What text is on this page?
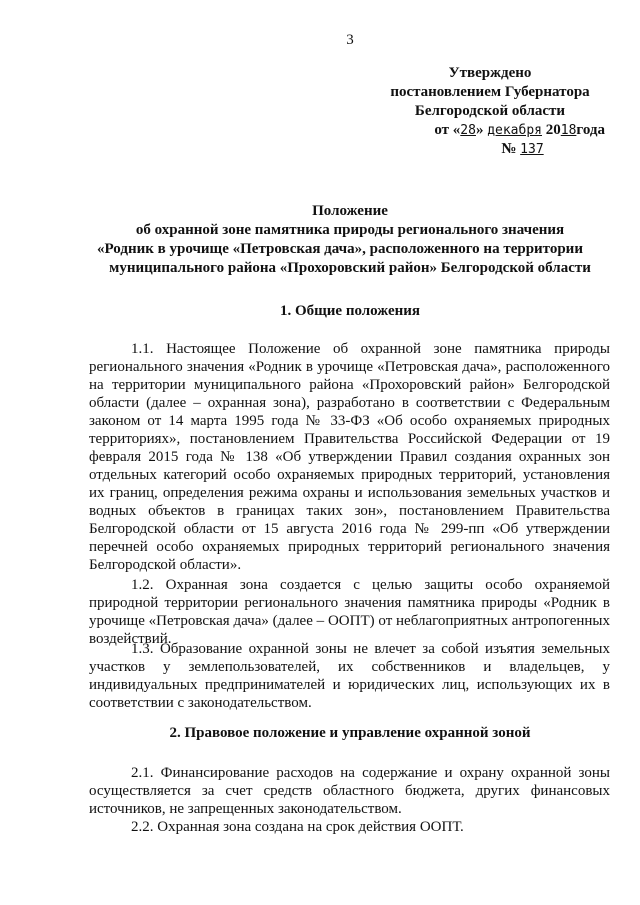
3
Утверждено
постановлением Губернатора
Белгородской области
от «28» декабря 2018года
№ 137
Положение
об охранной зоне памятника природы регионального значения
«Родник в урочище «Петровская дача», расположенного на территории
муниципального района «Прохоровский район» Белгородской области
1. Общие положения
1.1. Настоящее Положение об охранной зоне памятника природы регионального значения «Родник в урочище «Петровская дача», расположенного на территории муниципального района «Прохоровский район» Белгородской области (далее – охранная зона), разработано в соответствии с Федеральным законом от 14 марта 1995 года № 33-ФЗ «Об особо охраняемых природных территориях», постановлением Правительства Российской Федерации от 19 февраля 2015 года № 138 «Об утверждении Правил создания охранных зон отдельных категорий особо охраняемых природных территорий, установления их границ, определения режима охраны и использования земельных участков и водных объектов в границах таких зон», постановлением Правительства Белгородской области от 15 августа 2016 года № 299-пп «Об утверждении перечней особо охраняемых природных территорий регионального значения Белгородской области».
1.2. Охранная зона создается с целью защиты особо охраняемой природной территории регионального значения памятника природы «Родник в урочище «Петровская дача» (далее – ООПТ) от неблагоприятных антропогенных воздействий.
1.3. Образование охранной зоны не влечет за собой изъятия земельных участков у землепользователей, их собственников и владельцев, у индивидуальных предпринимателей и юридических лиц, использующих их в соответствии с законодательством.
2. Правовое положение и управление охранной зоной
2.1. Финансирование расходов на содержание и охрану охранной зоны осуществляется за счет средств областного бюджета, других финансовых источников, не запрещенных законодательством.
2.2. Охранная зона создана на срок действия ООПТ.
